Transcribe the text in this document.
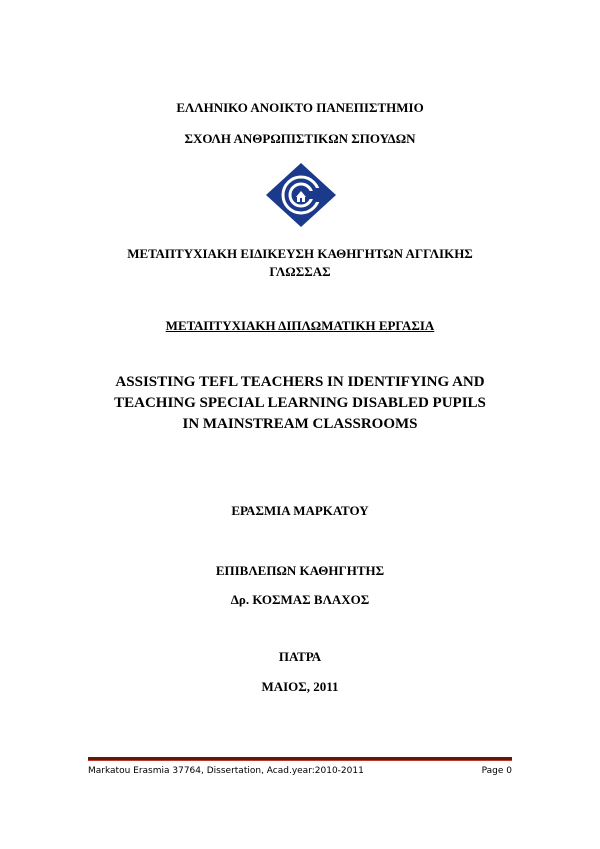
ΕΛΛΗΝΙΚΟ ΑΝΟΙΚΤΟ ΠΑΝΕΠΙΣΤΗΜΙΟ
ΣΧΟΛΗ ΑΝΘΡΩΠΙΣΤΙΚΩΝ ΣΠΟΥΔΩΝ
ΜΕΤΑΠΤΥΧΙΑΚΗ ΕΙΔΙΚΕΥΣΗ ΚΑΘΗΓΗΤΩΝ ΑΓΓΛΙΚΗΣ
ΓΛΩΣΣΑΣ
ΜΕΤΑΠΤΥΧΙΑΚΗ ΔΙΠΛΩΜΑΤΙΚΗ ΕΡΓΑΣΙΑ
ASSISTING TEFL TEACHERS IN IDENTIFYING AND
TEACHING SPECIAL LEARNING DISABLED PUPILS
IN MAINSTREAM CLASSROOMS
ΕΡΑΣΜΙΑ ΜΑΡΚΑΤΟΥ
ΕΠΙΒΛΕΠΩΝ ΚΑΘΗΓΗΤΗΣ
Δρ. ΚΟΣΜΑΣ ΒΛΑΧΟΣ
ΠΑΤΡΑ
ΜΑΙΟΣ, 2011
Markatou Erasmia 37764, Dissertation, Acad.year:2010-2011	Page 0
